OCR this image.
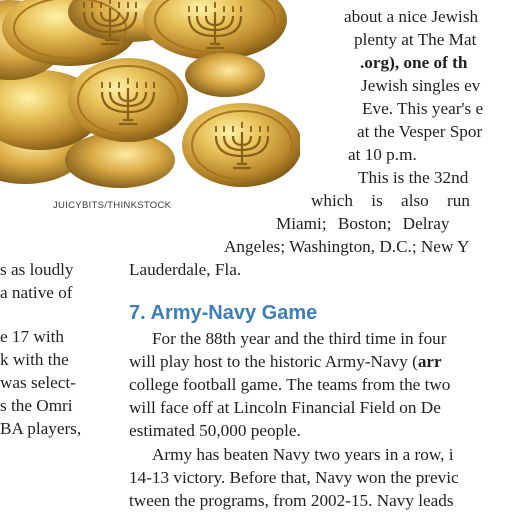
JUICYBITS/THINKSTOCK
s as loudly
a native of
e 17 with
k with the
was select-
s the Omri
BA players,
about a nice Jewish
plenty at The Mat
.org), one of th
Jewish singles ev
Eve. This year's e
at the Vesper Spor
at 10 p.m.
This is the 32nd
which is also run
Miami; Boston; Delray
Angeles; Washington, D.C.; New Y
Lauderdale, Fla.
7. Army-Navy Game
For the 88th year and the third time in four
will play host to the historic Army-Navy (arr
college football game. The teams from the two
will face off at Lincoln Financial Field on De
estimated 50,000 people.
Army has beaten Navy two years in a row, i
14-13 victory. Before that, Navy won the previc
tween the programs, from 2002-15. Navy leads
